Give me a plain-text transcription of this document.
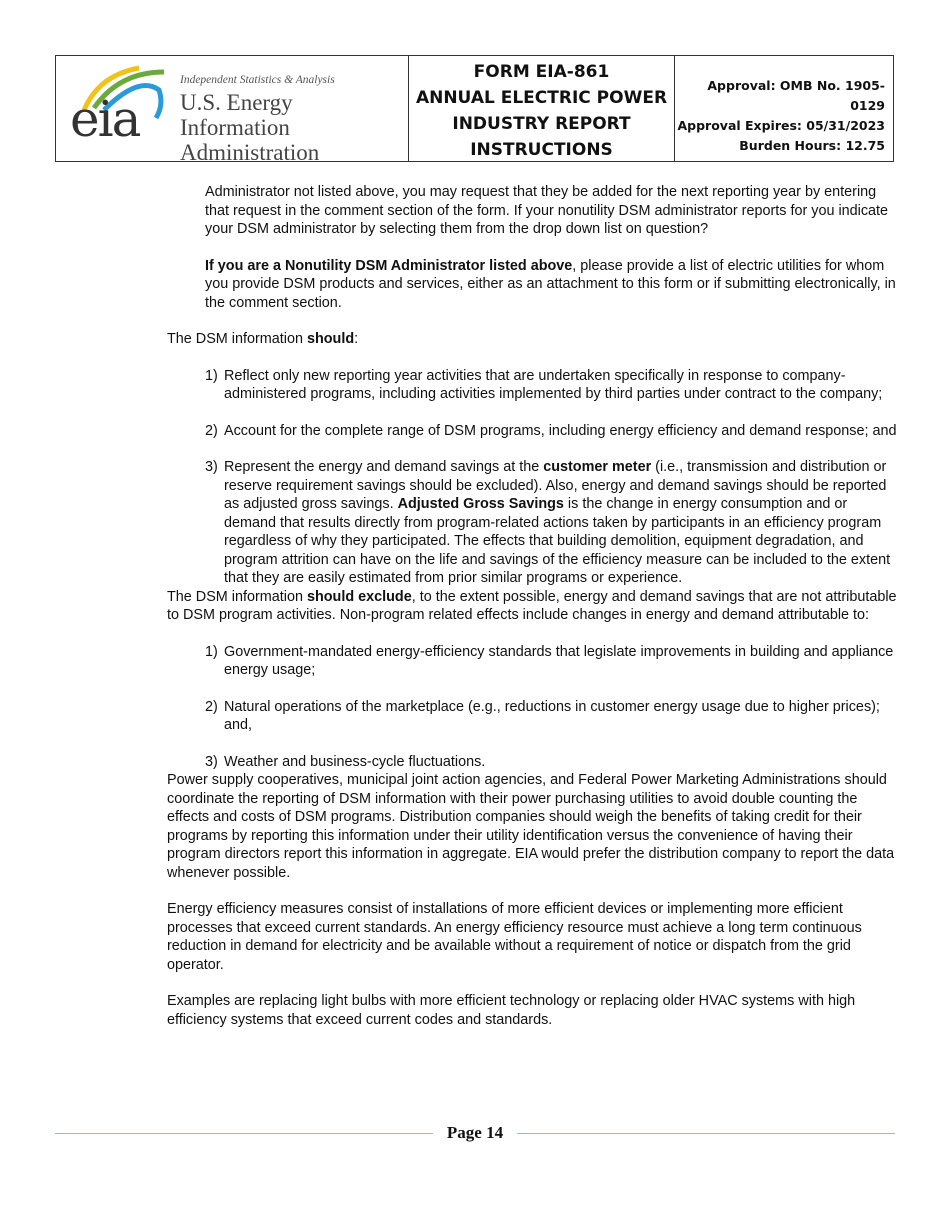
eia
Independent Statistics & Analysis
U.S. Energy Information
Administration
FORM EIA-861
ANNUAL ELECTRIC POWER
INDUSTRY REPORT
INSTRUCTIONS
Approval: OMB No. 1905-0129
Approval Expires: 05/31/2023
Burden Hours: 12.75

Administrator not listed above, you may request that they be added for the next reporting year by entering that request in the comment section of the form. If your nonutility DSM administrator reports for you indicate your DSM administrator by selecting them from the drop down list on question?

If you are a Nonutility DSM Administrator listed above, please provide a list of electric utilities for whom you provide DSM products and services, either as an attachment to this form or if submitting electronically, in the comment section.

The DSM information should:

1) Reflect only new reporting year activities that are undertaken specifically in response to company-administered programs, including activities implemented by third parties under contract to the company;
2) Account for the complete range of DSM programs, including energy efficiency and demand response; and
3) Represent the energy and demand savings at the customer meter (i.e., transmission and distribution or reserve requirement savings should be excluded). Also, energy and demand savings should be reported as adjusted gross savings. Adjusted Gross Savings is the change in energy consumption and or demand that results directly from program-related actions taken by participants in an efficiency program regardless of why they participated. The effects that building demolition, equipment degradation, and program attrition can have on the life and savings of the efficiency measure can be included to the extent that they are easily estimated from prior similar programs or experience.

The DSM information should exclude, to the extent possible, energy and demand savings that are not attributable to DSM program activities. Non-program related effects include changes in energy and demand attributable to:

1) Government-mandated energy-efficiency standards that legislate improvements in building and appliance energy usage;
2) Natural operations of the marketplace (e.g., reductions in customer energy usage due to higher prices); and,
3) Weather and business-cycle fluctuations.

Power supply cooperatives, municipal joint action agencies, and Federal Power Marketing Administrations should coordinate the reporting of DSM information with their power purchasing utilities to avoid double counting the effects and costs of DSM programs. Distribution companies should weigh the benefits of taking credit for their programs by reporting this information under their utility identification versus the convenience of having their program directors report this information in aggregate. EIA would prefer the distribution company to report the data whenever possible.

Energy efficiency measures consist of installations of more efficient devices or implementing more efficient processes that exceed current standards. An energy efficiency resource must achieve a long term continuous reduction in demand for electricity and be available without a requirement of notice or dispatch from the grid operator.

Examples are replacing light bulbs with more efficient technology or replacing older HVAC systems with high efficiency systems that exceed current codes and standards.

Page 14
